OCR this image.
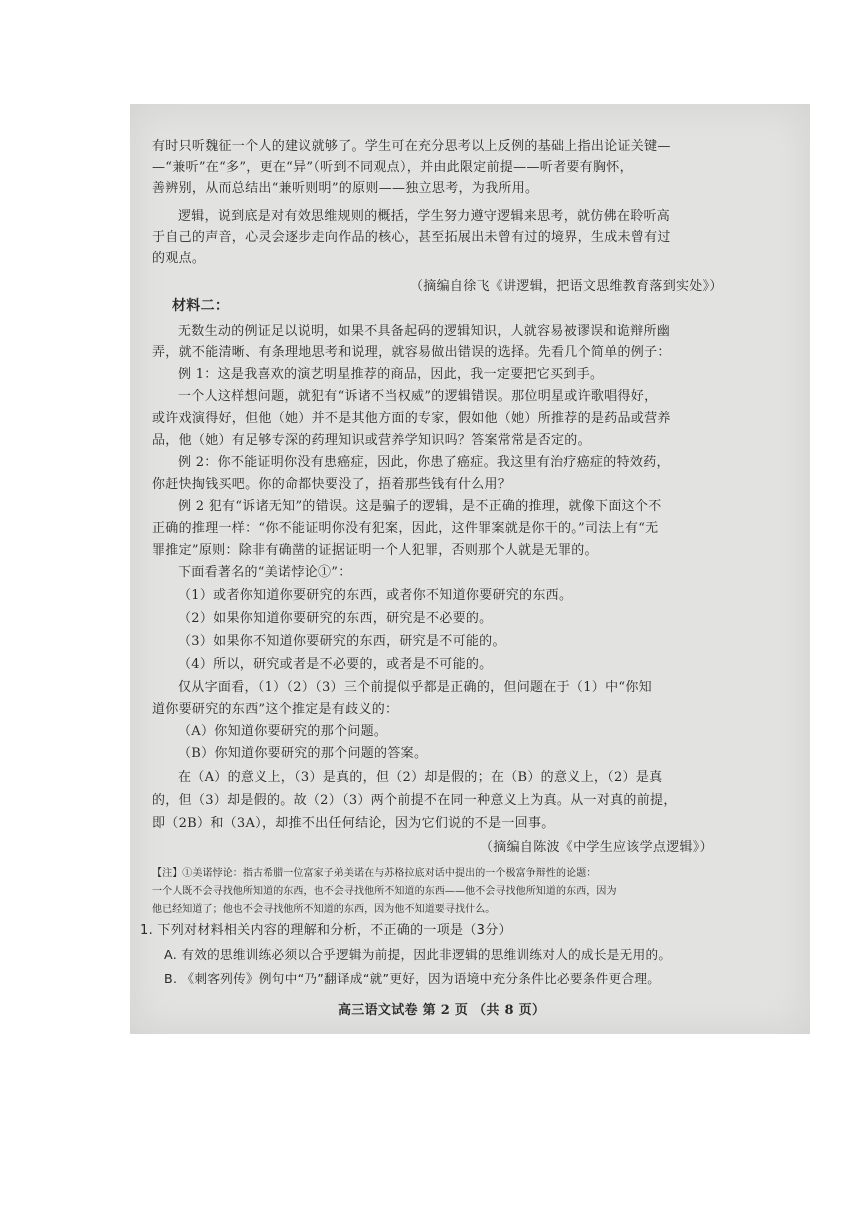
有时只听魏征一个人的建议就够了。学生可在充分思考以上反例的基础上指出论证关键—
—“兼听”在“多”，更在“异”（听到不同观点），并由此限定前提——听者要有胸怀，
善辨别，从而总结出“兼听则明”的原则——独立思考，为我所用。
逻辑，说到底是对有效思维规则的概括，学生努力遵守逻辑来思考，就仿佛在聆听高
于自己的声音，心灵会逐步走向作品的核心，甚至拓展出未曾有过的境界，生成未曾有过
的观点。
（摘编自徐飞《讲逻辑，把语文思维教育落到实处》）
材料二：
无数生动的例证足以说明，如果不具备起码的逻辑知识，人就容易被谬误和诡辩所幽
弄，就不能清晰、有条理地思考和说理，就容易做出错误的选择。先看几个简单的例子：
例 1：这是我喜欢的演艺明星推荐的商品，因此，我一定要把它买到手。
一个人这样想问题，就犯有“诉诸不当权威”的逻辑错误。那位明星或许歌唱得好，
或许戏演得好，但他（她）并不是其他方面的专家，假如他（她）所推荐的是药品或营养
品，他（她）有足够专深的药理知识或营养学知识吗？答案常常是否定的。
例 2：你不能证明你没有患癌症，因此，你患了癌症。我这里有治疗癌症的特效药，
你赶快掏钱买吧。你的命都快要没了，捂着那些钱有什么用？
例 2 犯有“诉诸无知”的错误。这是骗子的逻辑，是不正确的推理，就像下面这个不
正确的推理一样：“你不能证明你没有犯案，因此，这件罪案就是你干的。”司法上有“无
罪推定”原则：除非有确凿的证据证明一个人犯罪，否则那个人就是无罪的。
下面看著名的“美诺悖论①”：
（1）或者你知道你要研究的东西，或者你不知道你要研究的东西。
（2）如果你知道你要研究的东西，研究是不必要的。
（3）如果你不知道你要研究的东西，研究是不可能的。
（4）所以，研究或者是不必要的，或者是不可能的。
仅从字面看，（1）（2）（3）三个前提似乎都是正确的，但问题在于（1）中“你知
道你要研究的东西”这个推定是有歧义的：
（A）你知道你要研究的那个问题。
（B）你知道你要研究的那个问题的答案。
在（A）的意义上，（3）是真的，但（2）却是假的；在（B）的意义上，（2）是真
的，但（3）却是假的。故（2）（3）两个前提不在同一种意义上为真。从一对真的前提，
即（2B）和（3A），却推不出任何结论，因为它们说的不是一回事。
（摘编自陈波《中学生应该学点逻辑》）
【注】①美诺悖论：指古希腊一位富家子弟美诺在与苏格拉底对话中提出的一个极富争辩性的论题：
一个人既不会寻找他所知道的东西，也不会寻找他所不知道的东西——他不会寻找他所知道的东西，因为
他已经知道了；他也不会寻找他所不知道的东西，因为他不知道要寻找什么。
1. 下列对材料相关内容的理解和分析，不正确的一项是（3分）
A. 有效的思维训练必须以合乎逻辑为前提，因此非逻辑的思维训练对人的成长是无用的。
B. 《刺客列传》例句中“乃”翻译成“就”更好，因为语境中充分条件比必要条件更合理。
高三语文试卷 第 2 页 （共 8 页）
